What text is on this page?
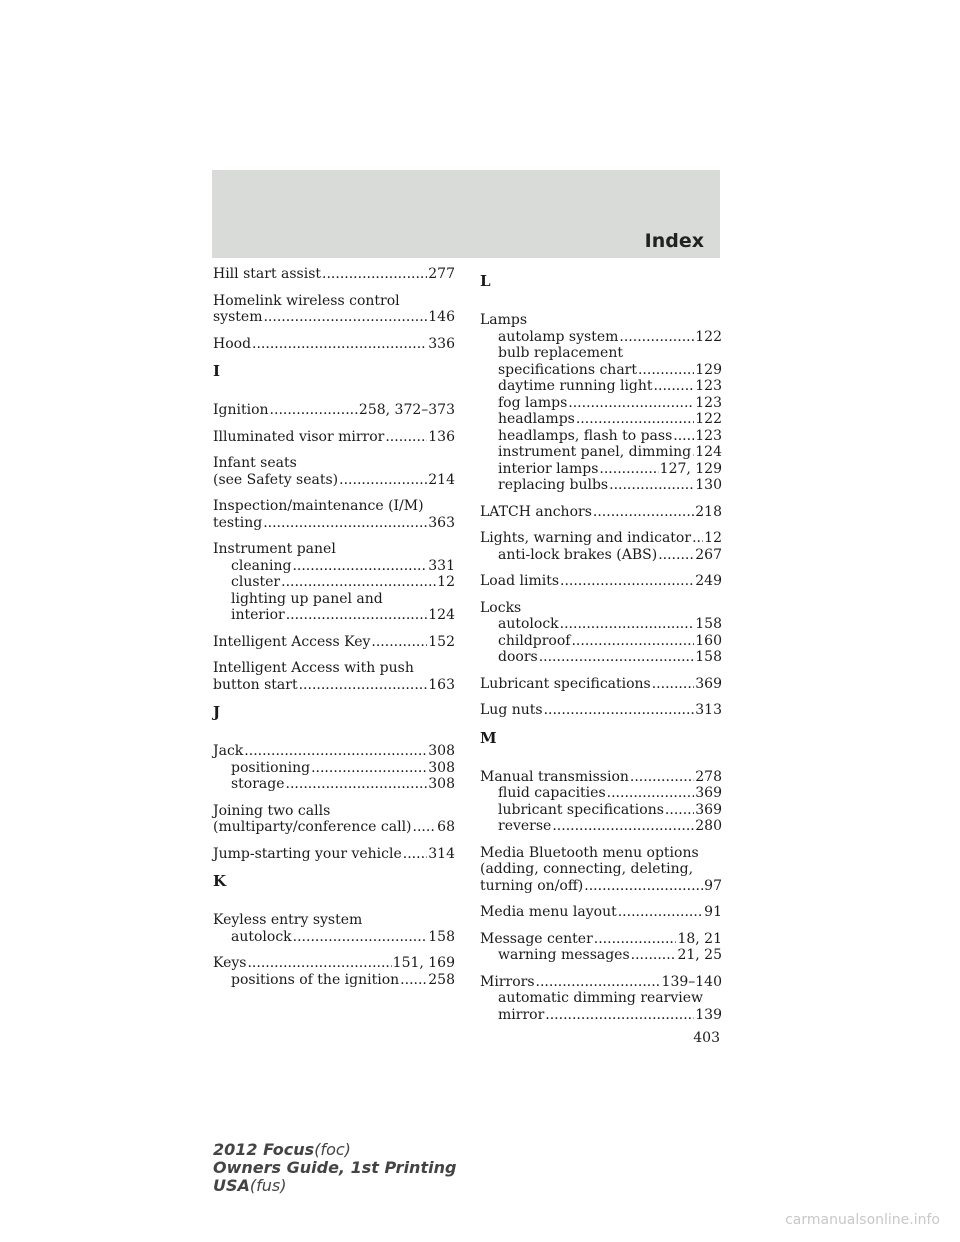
Index
Hill start assist .....	277
Homelink wireless control
system .....	146
Hood .....	336
I
Ignition .....	258, 372–373
Illuminated visor mirror .....	136
Infant seats
(see Safety seats) .....	214
Inspection/maintenance (I/M)
testing .....	363
Instrument panel
cleaning .....	331
cluster .....	12
lighting up panel and
interior .....	124
Intelligent Access Key .....	152
Intelligent Access with push
button start .....	163
J
Jack .....	308
positioning .....	308
storage .....	308
Joining two calls
(multiparty/conference call) ..... 68
Jump-starting your vehicle ..... 314
K
Keyless entry system
autolock .....	158
Keys .....	151, 169
positions of the ignition ..... 258
L
Lamps
autolamp system .....	122
bulb replacement
specifications chart .....	129
daytime running light .....	123
fog lamps .....	123
headlamps .....	122
headlamps, flash to pass ..... 123
instrument panel, dimming ..... 124
interior lamps .....	127, 129
replacing bulbs .....	130
LATCH anchors .....	218
Lights, warning and indicator ..... 12
anti-lock brakes (ABS) .....	267
Load limits .....	249
Locks
autolock .....	158
childproof .....	160
doors .....	158
Lubricant specifications .....	369
Lug nuts .....	313
M
Manual transmission .....	278
fluid capacities .....	369
lubricant specifications ..... 369
reverse .....	280
Media Bluetooth menu options
(adding, connecting, deleting,
turning on/off) .....	97
Media menu layout .....	91
Message center .....	18, 21
warning messages .....	21, 25
Mirrors .....	139–140
automatic dimming rearview
mirror .....	139
403
2012 Focus(foc)
Owners Guide, 1st Printing
USA(fus)
carmanualsonline.info
